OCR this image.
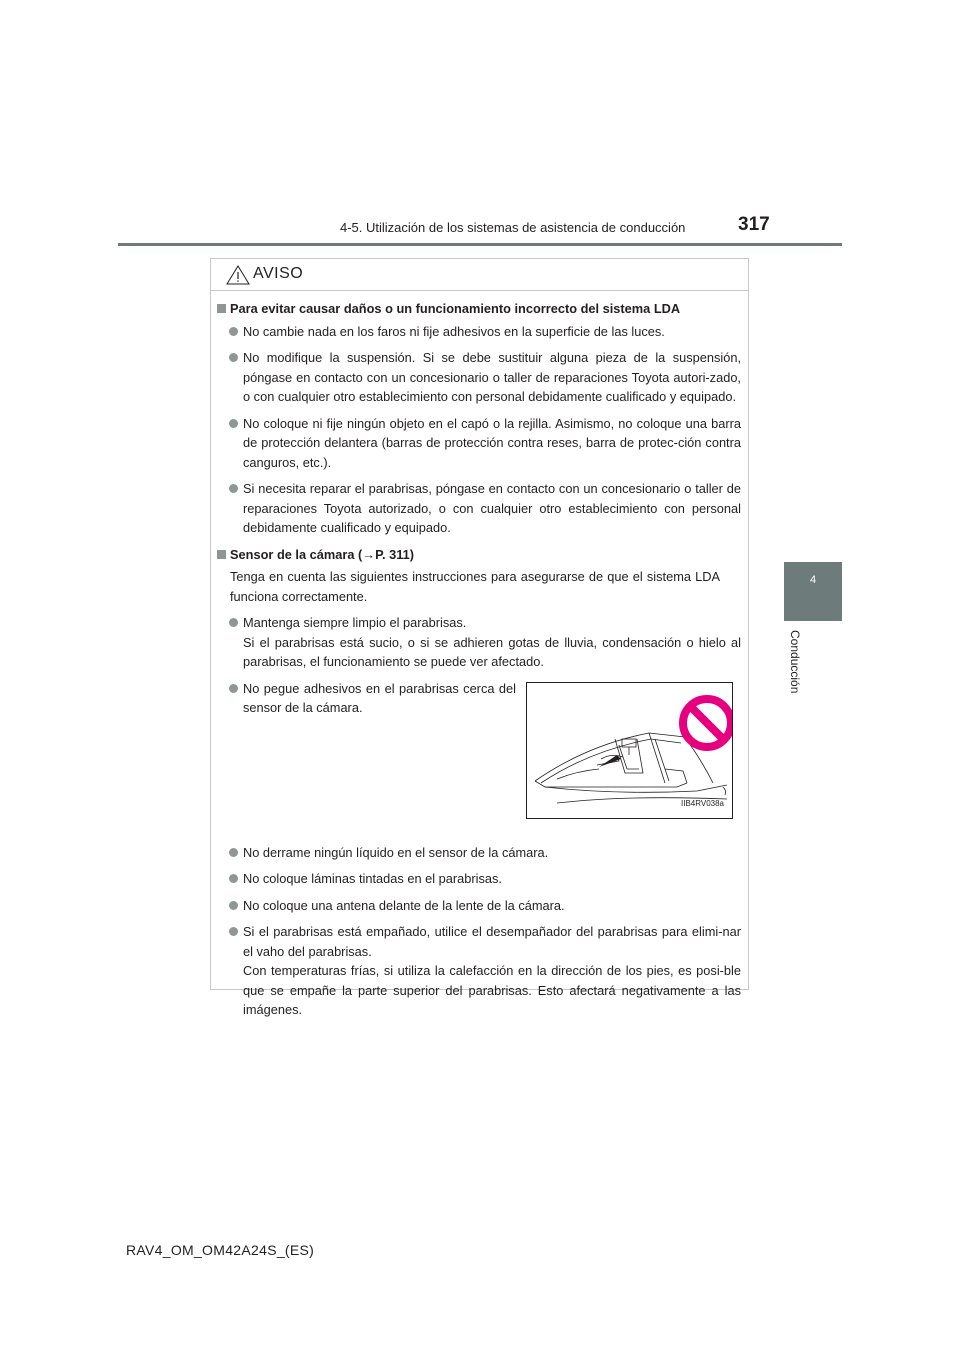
4-5. Utilización de los sistemas de asistencia de conducción	317
4
Conducción
AVISO
Para evitar causar daños o un funcionamiento incorrecto del sistema LDA
No cambie nada en los faros ni fije adhesivos en la superficie de las luces.
No modifique la suspensión. Si se debe sustituir alguna pieza de la suspensión, póngase en contacto con un concesionario o taller de reparaciones Toyota autori-zado, o con cualquier otro establecimiento con personal debidamente cualificado y equipado.
No coloque ni fije ningún objeto en el capó o la rejilla. Asimismo, no coloque una barra de protección delantera (barras de protección contra reses, barra de protec-ción contra canguros, etc.).
Si necesita reparar el parabrisas, póngase en contacto con un concesionario o taller de reparaciones Toyota autorizado, o con cualquier otro establecimiento con personal debidamente cualificado y equipado.
Sensor de la cámara (→P. 311)
Tenga en cuenta las siguientes instrucciones para asegurarse de que el sistema LDA funciona correctamente.
Mantenga siempre limpio el parabrisas.
Si el parabrisas está sucio, o si se adhieren gotas de lluvia, condensación o hielo al parabrisas, el funcionamiento se puede ver afectado.
No pegue adhesivos en el parabrisas cerca del sensor de la cámara.
IIB4RV038a
No derrame ningún líquido en el sensor de la cámara.
No coloque láminas tintadas en el parabrisas.
No coloque una antena delante de la lente de la cámara.
Si el parabrisas está empañado, utilice el desempañador del parabrisas para elimi-nar el vaho del parabrisas.
Con temperaturas frías, si utiliza la calefacción en la dirección de los pies, es posi-ble que se empañe la parte superior del parabrisas. Esto afectará negativamente a las imágenes.
RAV4_OM_OM42A24S_(ES)
